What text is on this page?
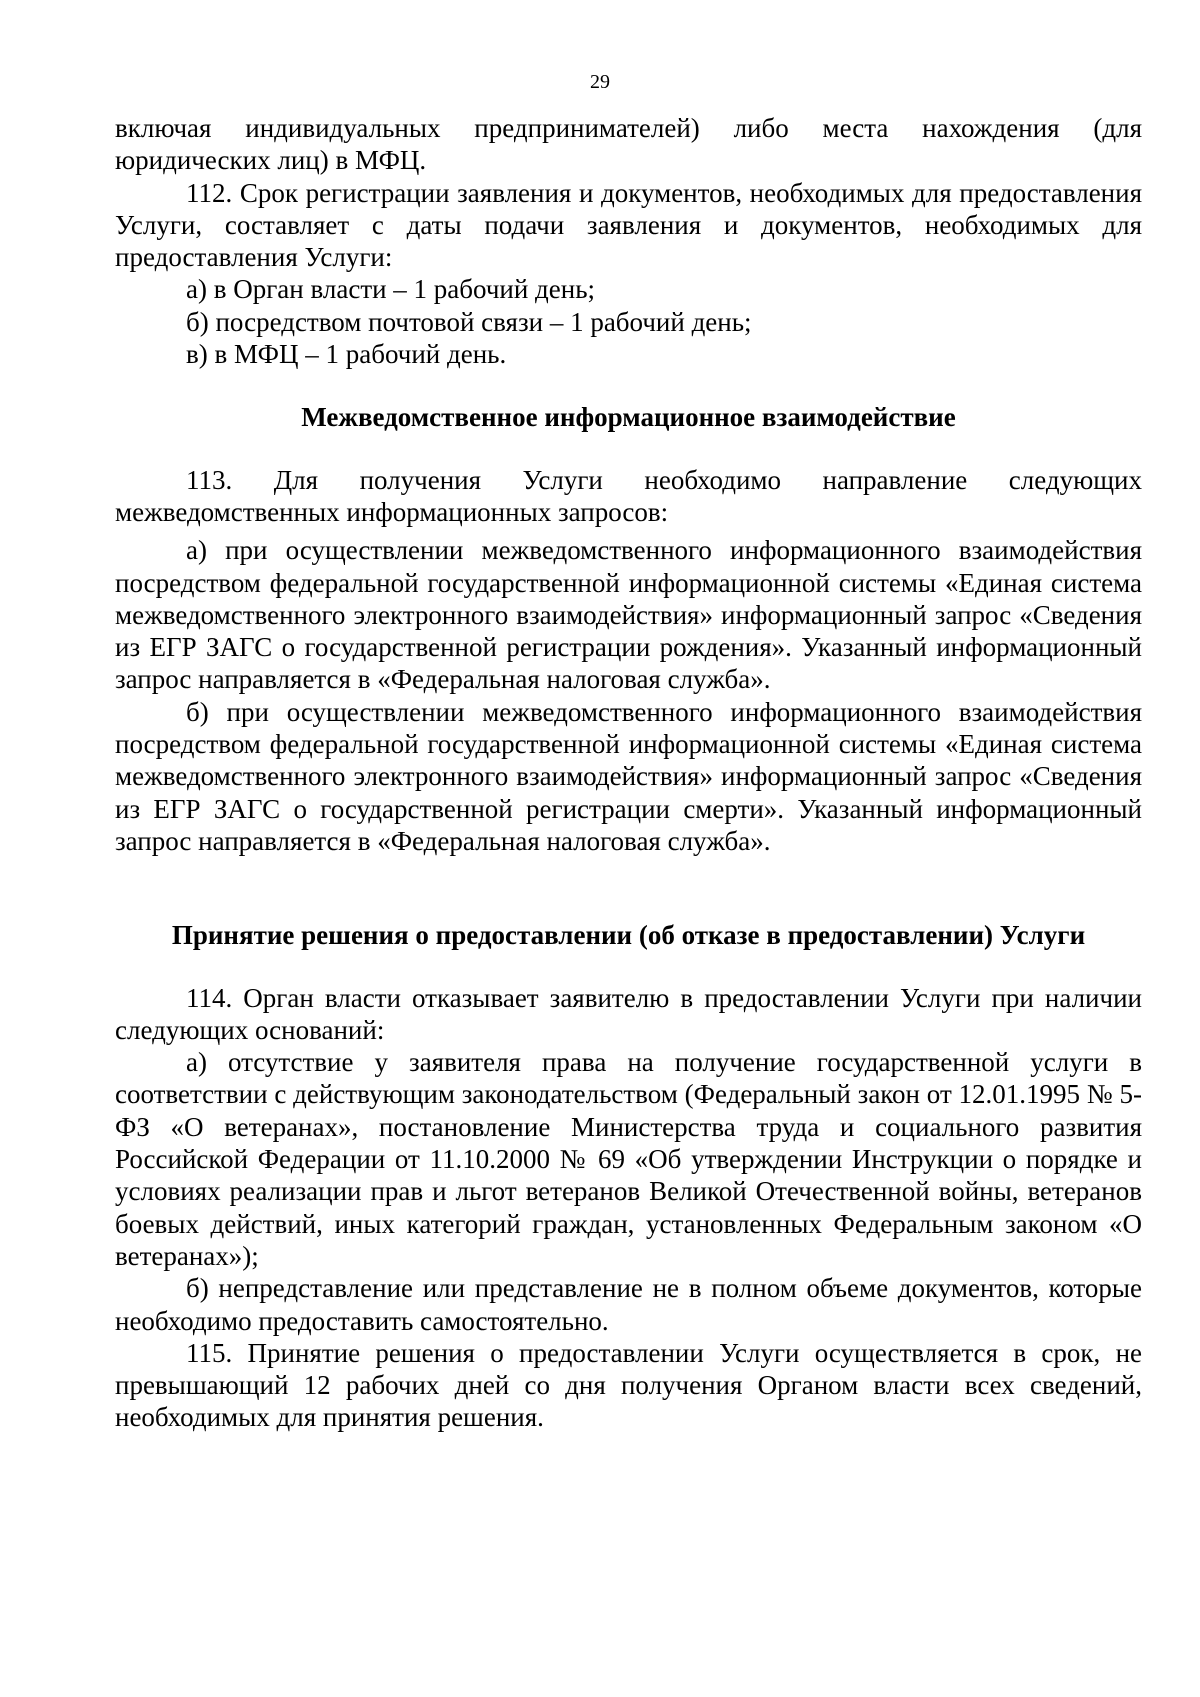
29

включая индивидуальных предпринимателей) либо места нахождения (для юридических лиц) в МФЦ.

112. Срок регистрации заявления и документов, необходимых для предоставления Услуги, составляет с даты подачи заявления и документов, необходимых для предоставления Услуги:

а) в Орган власти – 1 рабочий день;

б) посредством почтовой связи – 1 рабочий день;

в) в МФЦ – 1 рабочий день.

Межведомственное информационное взаимодействие

113. Для получения Услуги необходимо направление следующих межведомственных информационных запросов:

а) при осуществлении межведомственного информационного взаимодействия посредством федеральной государственной информационной системы «Единая система межведомственного электронного взаимодействия» информационный запрос «Сведения из ЕГР ЗАГС о государственной регистрации рождения». Указанный информационный запрос направляется в «Федеральная налоговая служба».

б) при осуществлении межведомственного информационного взаимодействия посредством федеральной государственной информационной системы «Единая система межведомственного электронного взаимодействия» информационный запрос «Сведения из ЕГР ЗАГС о государственной регистрации смерти». Указанный информационный запрос направляется в «Федеральная налоговая служба».

Принятие решения о предоставлении (об отказе в предоставлении) Услуги

114. Орган власти отказывает заявителю в предоставлении Услуги при наличии следующих оснований:

а) отсутствие у заявителя права на получение государственной услуги в соответствии с действующим законодательством (Федеральный закон от 12.01.1995 № 5-ФЗ «О ветеранах», постановление Министерства труда и социального развития Российской Федерации от 11.10.2000 № 69 «Об утверждении Инструкции о порядке и условиях реализации прав и льгот ветеранов Великой Отечественной войны, ветеранов боевых действий, иных категорий граждан, установленных Федеральным законом «О ветеранах»);

б) непредставление или представление не в полном объеме документов, которые необходимо предоставить самостоятельно.

115. Принятие решения о предоставлении Услуги осуществляется в срок, не превышающий 12 рабочих дней со дня получения Органом власти всех сведений, необходимых для принятия решения.
